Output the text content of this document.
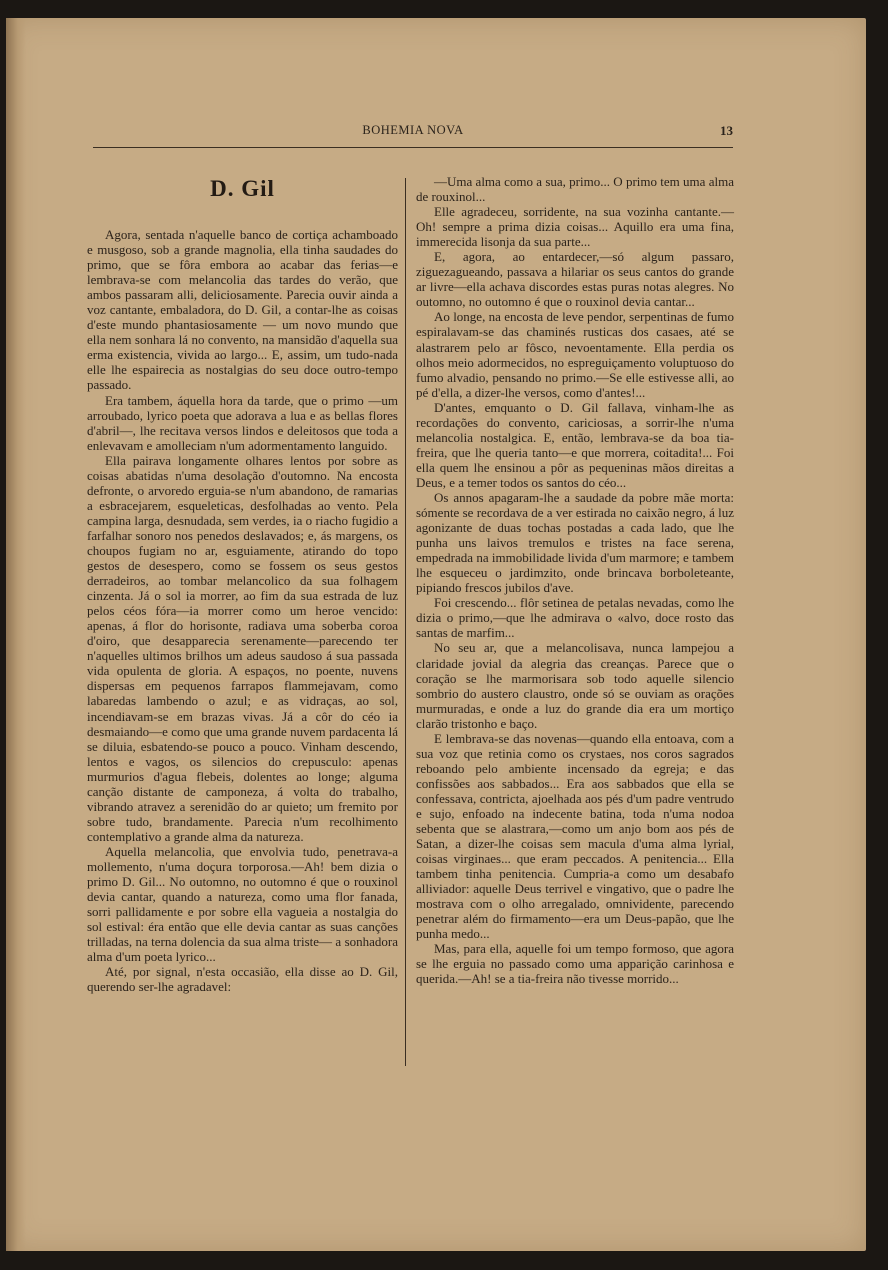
BOHEMIA NOVA	13
D. Gil

Agora, sentada n'aquelle banco de cortiça achamboado e musgoso, sob a grande magnolia, ella tinha saudades do primo, que se fôra embora ao acabar das ferias—e lembrava-se com melancolia das tardes do verão, que ambos passaram alli, deliciosamente. Parecia ouvir ainda a voz cantante, embaladora, do D. Gil, a contar-lhe as coisas d'este mundo phantasiosamente — um novo mundo que ella nem sonhara lá no convento, na mansidão d'aquella sua erma existencia, vivida ao largo... E, assim, um tudo-nada elle lhe espairecia as nostalgias do seu doce outro-tempo passado.

Era tambem, áquella hora da tarde, que o primo —um arroubado, lyrico poeta que adorava a lua e as bellas flores d'abril—, lhe recitava versos lindos e deleitosos que toda a enlevavam e amolleciam n'um adormentamento languido.

Ella pairava longamente olhares lentos por sobre as coisas abatidas n'uma desolação d'outomno. Na encosta defronte, o arvoredo erguia-se n'um abandono, de ramarias a esbracejarem, esqueleticas, desfolhadas ao vento. Pela campina larga, desnudada, sem verdes, ia o riacho fugidio a farfalhar sonoro nos penedos deslavados; e, ás margens, os choupos fugiam no ar, esguiamente, atirando do topo gestos de desespero, como se fossem os seus gestos derradeiros, ao tombar melancolico da sua folhagem cinzenta. Já o sol ia morrer, ao fim da sua estrada de luz pelos céos fóra—ia morrer como um heroe vencido: apenas, á flor do horisonte, radiava uma soberba coroa d'oiro, que desapparecia serenamente—parecendo ter n'aquelles ultimos brilhos um adeus saudoso á sua passada vida opulenta de gloria. A espaços, no poente, nuvens dispersas em pequenos farrapos flammejavam, como labaredas lambendo o azul; e as vidraças, ao sol, incendiavam-se em brazas vivas. Já a côr do céo ia desmaiando—e como que uma grande nuvem pardacenta lá se diluia, esbatendo-se pouco a pouco. Vinham descendo, lentos e vagos, os silencios do crepusculo: apenas murmurios d'agua flebeis, dolentes ao longe; alguma canção distante de camponeza, á volta do trabalho, vibrando atravez a serenidão do ar quieto; um fremito por sobre tudo, brandamente. Parecia n'um recolhimento contemplativo a grande alma da natureza.

Aquella melancolia, que envolvia tudo, penetrava-a mollemento, n'uma doçura torporosa.—Ah! bem dizia o primo D. Gil... No outomno, no outomno é que o rouxinol devia cantar, quando a natureza, como uma flor fanada, sorri pallidamente e por sobre ella vagueia a nostalgia do sol estival: éra então que elle devia cantar as suas canções trilladas, na terna dolencia da sua alma triste— a sonhadora alma d'um poeta lyrico...

Até, por signal, n'esta occasião, ella disse ao D. Gil, querendo ser-lhe agradavel:

—Uma alma como a sua, primo... O primo tem uma alma de rouxinol...

Elle agradeceu, sorridente, na sua vozinha cantante.—Oh! sempre a prima dizia coisas... Aquillo era uma fina, immerecida lisonja da sua parte...

E, agora, ao entardecer,—só algum passaro, ziguezagueando, passava a hilariar os seus cantos do grande ar livre—ella achava discordes estas puras notas alegres. No outomno, no outomno é que o rouxinol devia cantar...

Ao longe, na encosta de leve pendor, serpentinas de fumo espiralavam-se das chaminés rusticas dos casaes, até se alastrarem pelo ar fôsco, nevoentamente. Ella perdia os olhos meio adormecidos, no espreguiçamento voluptuoso do fumo alvadio, pensando no primo.—Se elle estivesse alli, ao pé d'ella, a dizer-lhe versos, como d'antes!...

D'antes, emquanto o D. Gil fallava, vinham-lhe as recordações do convento, cariciosas, a sorrir-lhe n'uma melancolia nostalgica. E, então, lembrava-se da boa tia-freira, que lhe queria tanto—e que morrera, coitadita!... Foi ella quem lhe ensinou a pôr as pequeninas mãos direitas a Deus, e a temer todos os santos do céo...

Os annos apagaram-lhe a saudade da pobre mãe morta: sómente se recordava de a ver estirada no caixão negro, á luz agonizante de duas tochas postadas a cada lado, que lhe punha uns laivos tremulos e tristes na face serena, empedrada na immobilidade livida d'um marmore; e tambem lhe esqueceu o jardimzito, onde brincava borboleteante, pipiando frescos jubilos d'ave.

Foi crescendo... flôr setinea de petalas nevadas, como lhe dizia o primo,—que lhe admirava o «alvo, doce rosto das santas de marfim...

No seu ar, que a melancolisava, nunca lampejou a claridade jovial da alegria das creanças. Parece que o coração se lhe marmorisara sob todo aquelle silencio sombrio do austero claustro, onde só se ouviam as orações murmuradas, e onde a luz do grande dia era um mortiço clarão tristonho e baço.

E lembrava-se das novenas—quando ella entoava, com a sua voz que retinia como os crystaes, nos coros sagrados reboando pelo ambiente incensado da egreja; e das confissões aos sabbados... Era aos sabbados que ella se confessava, contricta, ajoelhada aos pés d'um padre ventrudo e sujo, enfoado na indecente batina, toda n'uma nodoa sebenta que se alastrara,—como um anjo bom aos pés de Satan, a dizer-lhe coisas sem macula d'uma alma lyrial, coisas virginaes... que eram peccados. A penitencia... Ella tambem tinha penitencia. Cumpria-a como um desabafo alliviador: aquelle Deus terrivel e vingativo, que o padre lhe mostrava com o olho arregalado, omnividente, parecendo penetrar além do firmamento—era um Deus-papão, que lhe punha medo...

Mas, para ella, aquelle foi um tempo formoso, que agora se lhe erguia no passado como uma apparição carinhosa e querida.—Ah! se a tia-freira não tivesse morrido...
